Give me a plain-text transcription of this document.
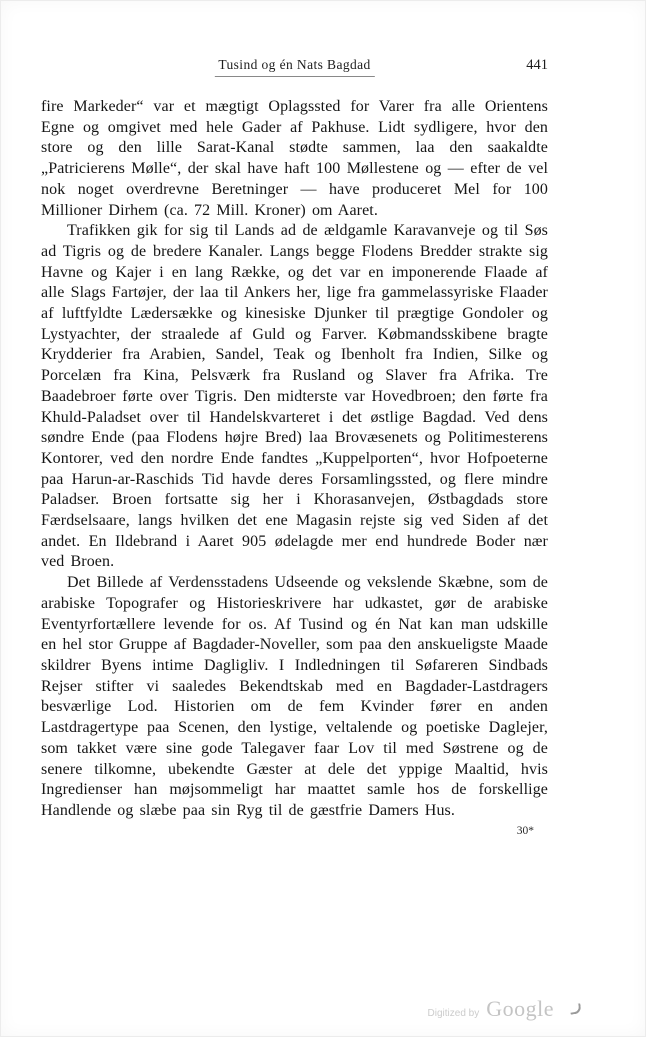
Tusind og én Nats Bagdad	441

fire Markeder“ var et mægtigt Oplagssted for Varer fra alle Orientens Egne og omgivet med hele Gader af Pakhuse. Lidt sydligere, hvor den store og den lille Sarat-Kanal stødte sammen, laa den saakaldte „Patricierens Mølle“, der skal have haft 100 Møllestene og — efter de vel nok noget overdrevne Beretninger — have produceret Mel for 100 Millioner Dirhem (ca. 72 Mill. Kroner) om Aaret.

Trafikken gik for sig til Lands ad de ældgamle Karavanveje og til Søs ad Tigris og de bredere Kanaler. Langs begge Flodens Bredder strakte sig Havne og Kajer i en lang Række, og det var en imponerende Flaade af alle Slags Fartøjer, der laa til Ankers her, lige fra gammelassyriske Flaader af luftfyldte Lædersække og kinesiske Djunker til prægtige Gondoler og Lystyachter, der straalede af Guld og Farver. Købmandsskibene bragte Krydderier fra Arabien, Sandel, Teak og Ibenholt fra Indien, Silke og Porcelæn fra Kina, Pelsværk fra Rusland og Slaver fra Afrika. Tre Baadebroer førte over Tigris. Den midterste var Hovedbroen; den førte fra Khuld-Paladset over til Handelskvarteret i det østlige Bagdad. Ved dens søndre Ende (paa Flodens højre Bred) laa Brovæsenets og Politimesterens Kontorer, ved den nordre Ende fandtes „Kuppelporten“, hvor Hofpoeterne paa Harun-ar-Raschids Tid havde deres Forsamlingssted, og flere mindre Paladser. Broen fortsatte sig her i Khorasanvejen, Østbagdads store Færdselsaare, langs hvilken det ene Magasin rejste sig ved Siden af det andet. En Ildebrand i Aaret 905 ødelagde mer end hundrede Boder nær ved Broen.

Det Billede af Verdensstadens Udseende og vekslende Skæbne, som de arabiske Topografer og Historieskrivere har udkastet, gør de arabiske Eventyrfortællere levende for os. Af Tusind og én Nat kan man udskille en hel stor Gruppe af Bagdader-Noveller, som paa den anskueligste Maade skildrer Byens intime Dagligliv. I Indledningen til Søfareren Sindbads Rejser stifter vi saaledes Bekendtskab med en Bagdader-Lastdragers besværlige Lod. Historien om de fem Kvinder fører en anden Lastdragertype paa Scenen, den lystige, veltalende og poetiske Daglejer, som takket være sine gode Talegaver faar Lov til med Søstrene og de senere tilkomne, ubekendte Gæster at dele det yppige Maaltid, hvis Ingredienser han møjsommeligt har maattet samle hos de forskellige Handlende og slæbe paa sin Ryg til de gæstfrie Damers Hus.

30*
Digitized by Google
